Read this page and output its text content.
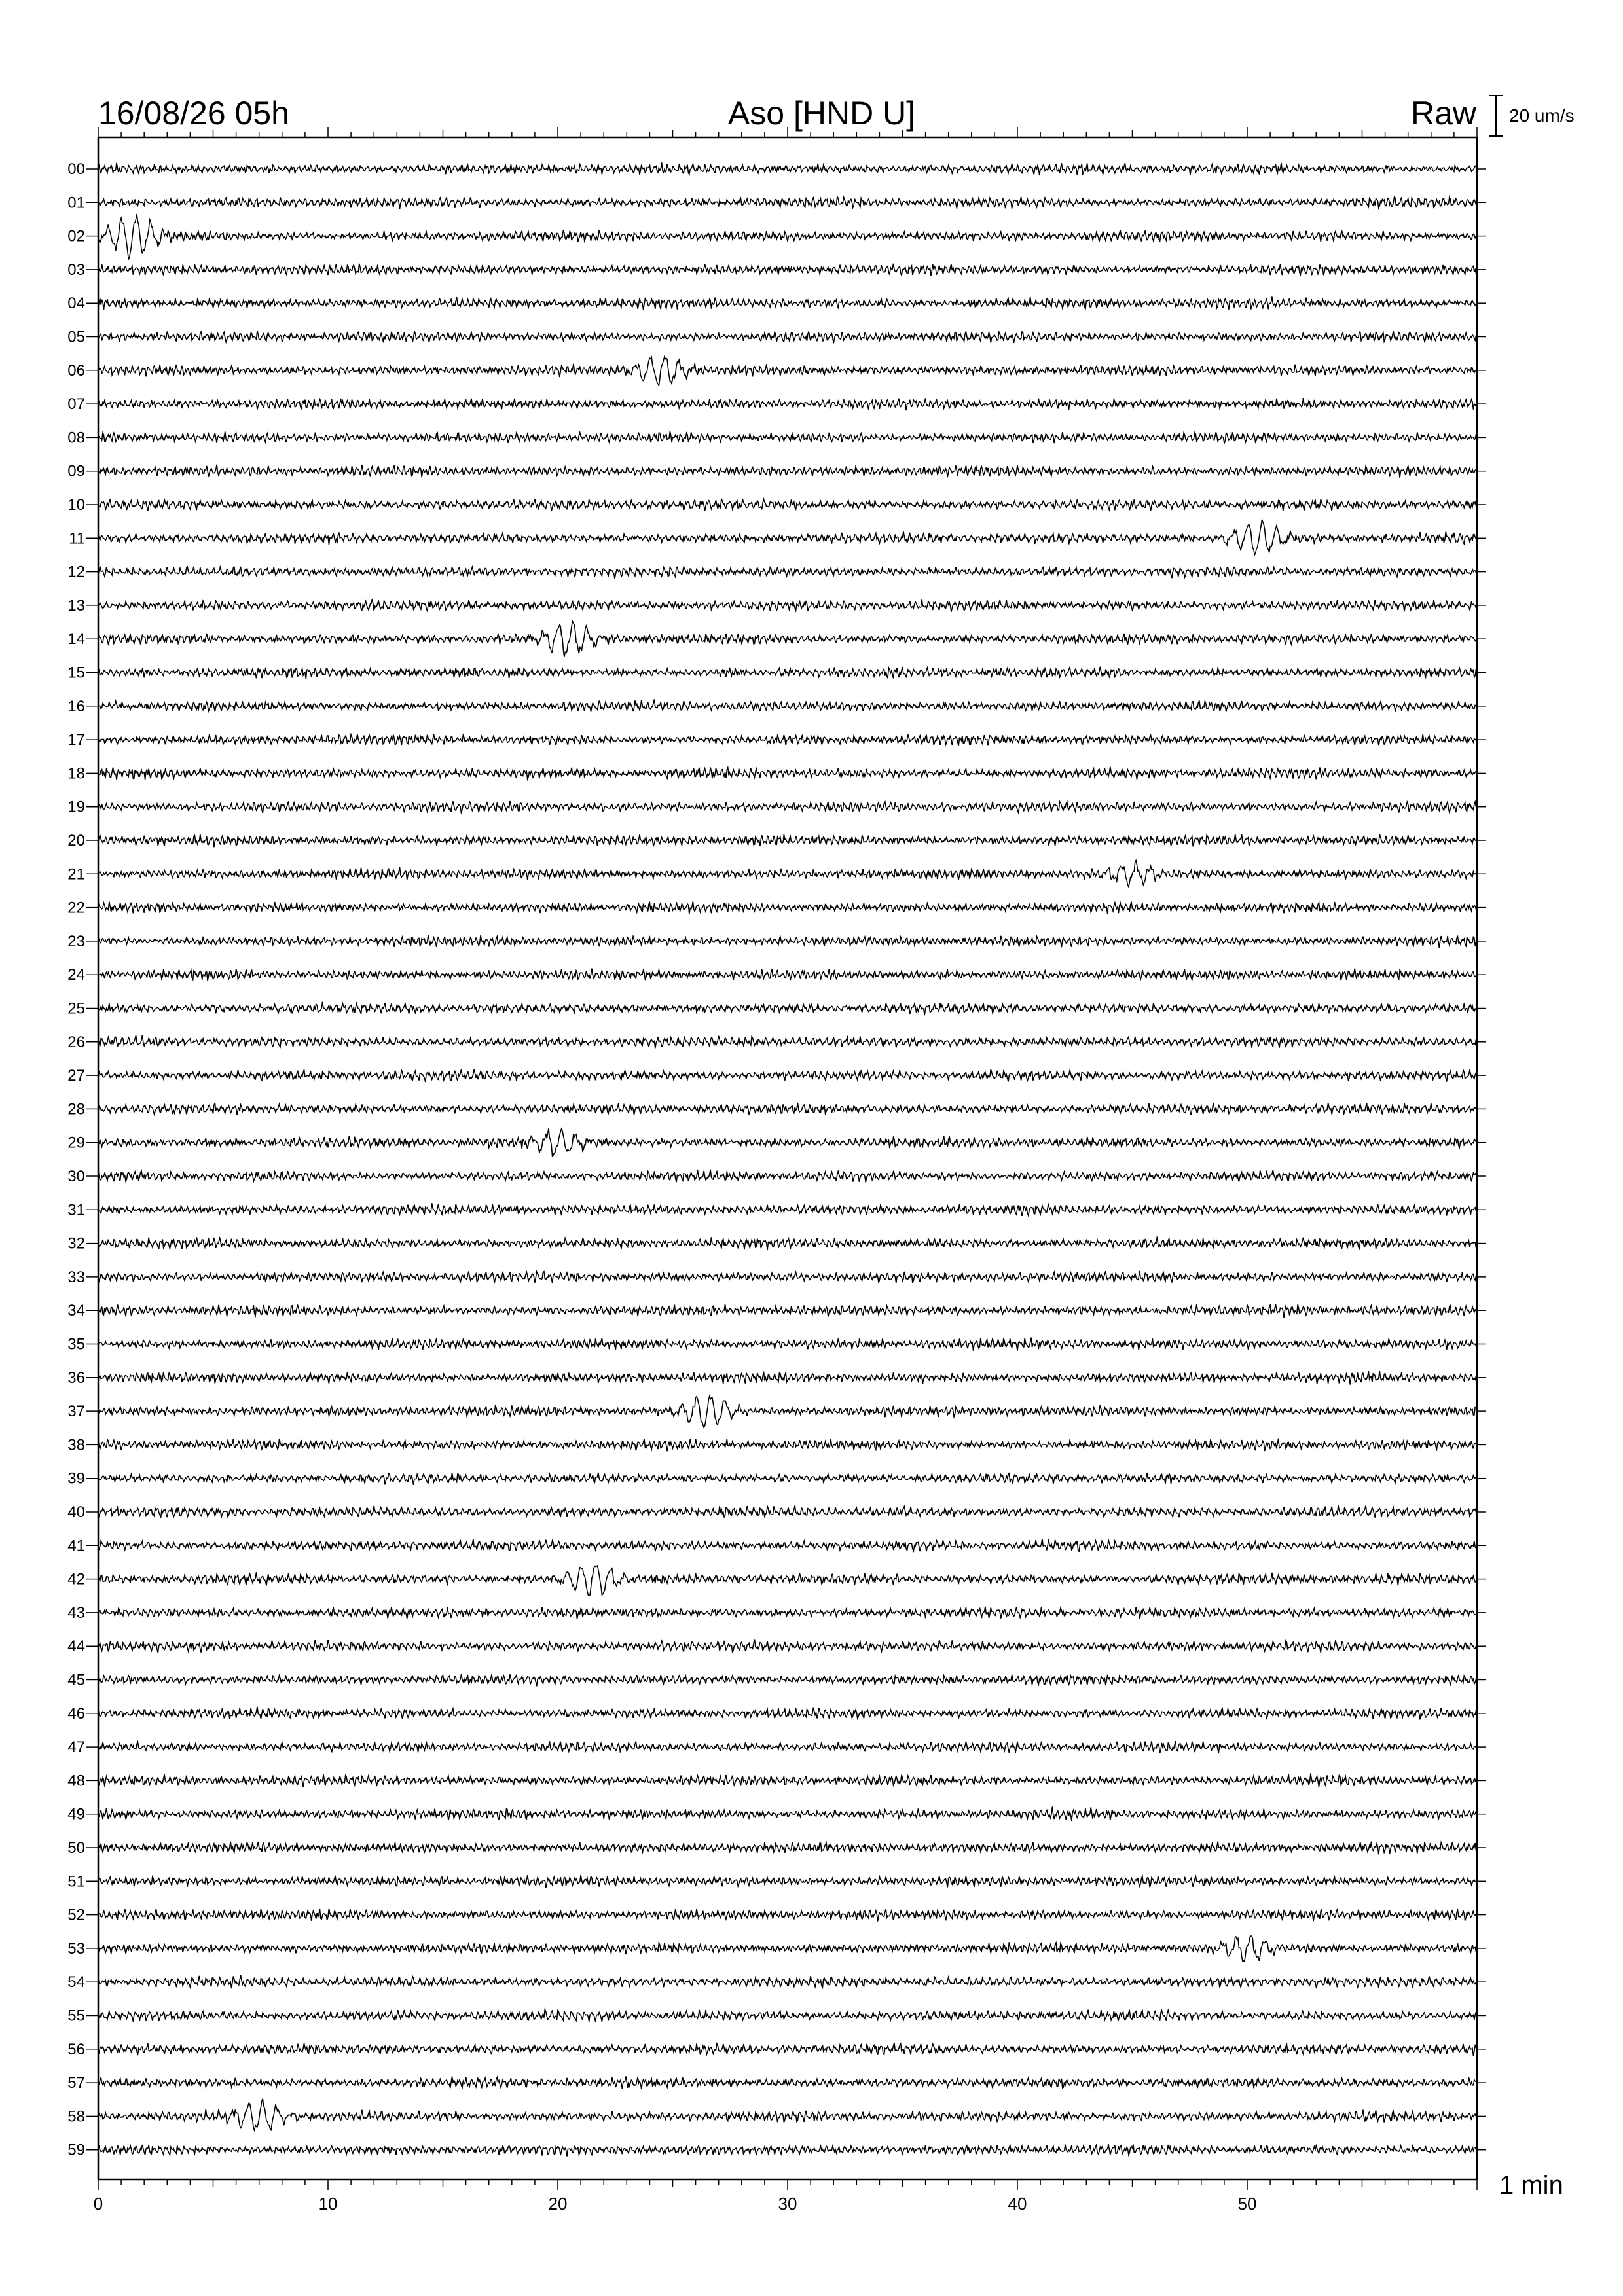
16/08/26 05h	Aso [HND U]	Raw 20 um/s
00
01
02
03
04
05
06
07
08
09
10
11
12
13
14
15
16
17
18
19
20
21
22
23
24
25
26
27
28
29
30
31
32
33
34
35
36
37
38
39
40
41
42
43
44
45
46
47
48
49
50
51
52
53
54
55
56
57
58
59
0	10	20	30	40	50
1 min
